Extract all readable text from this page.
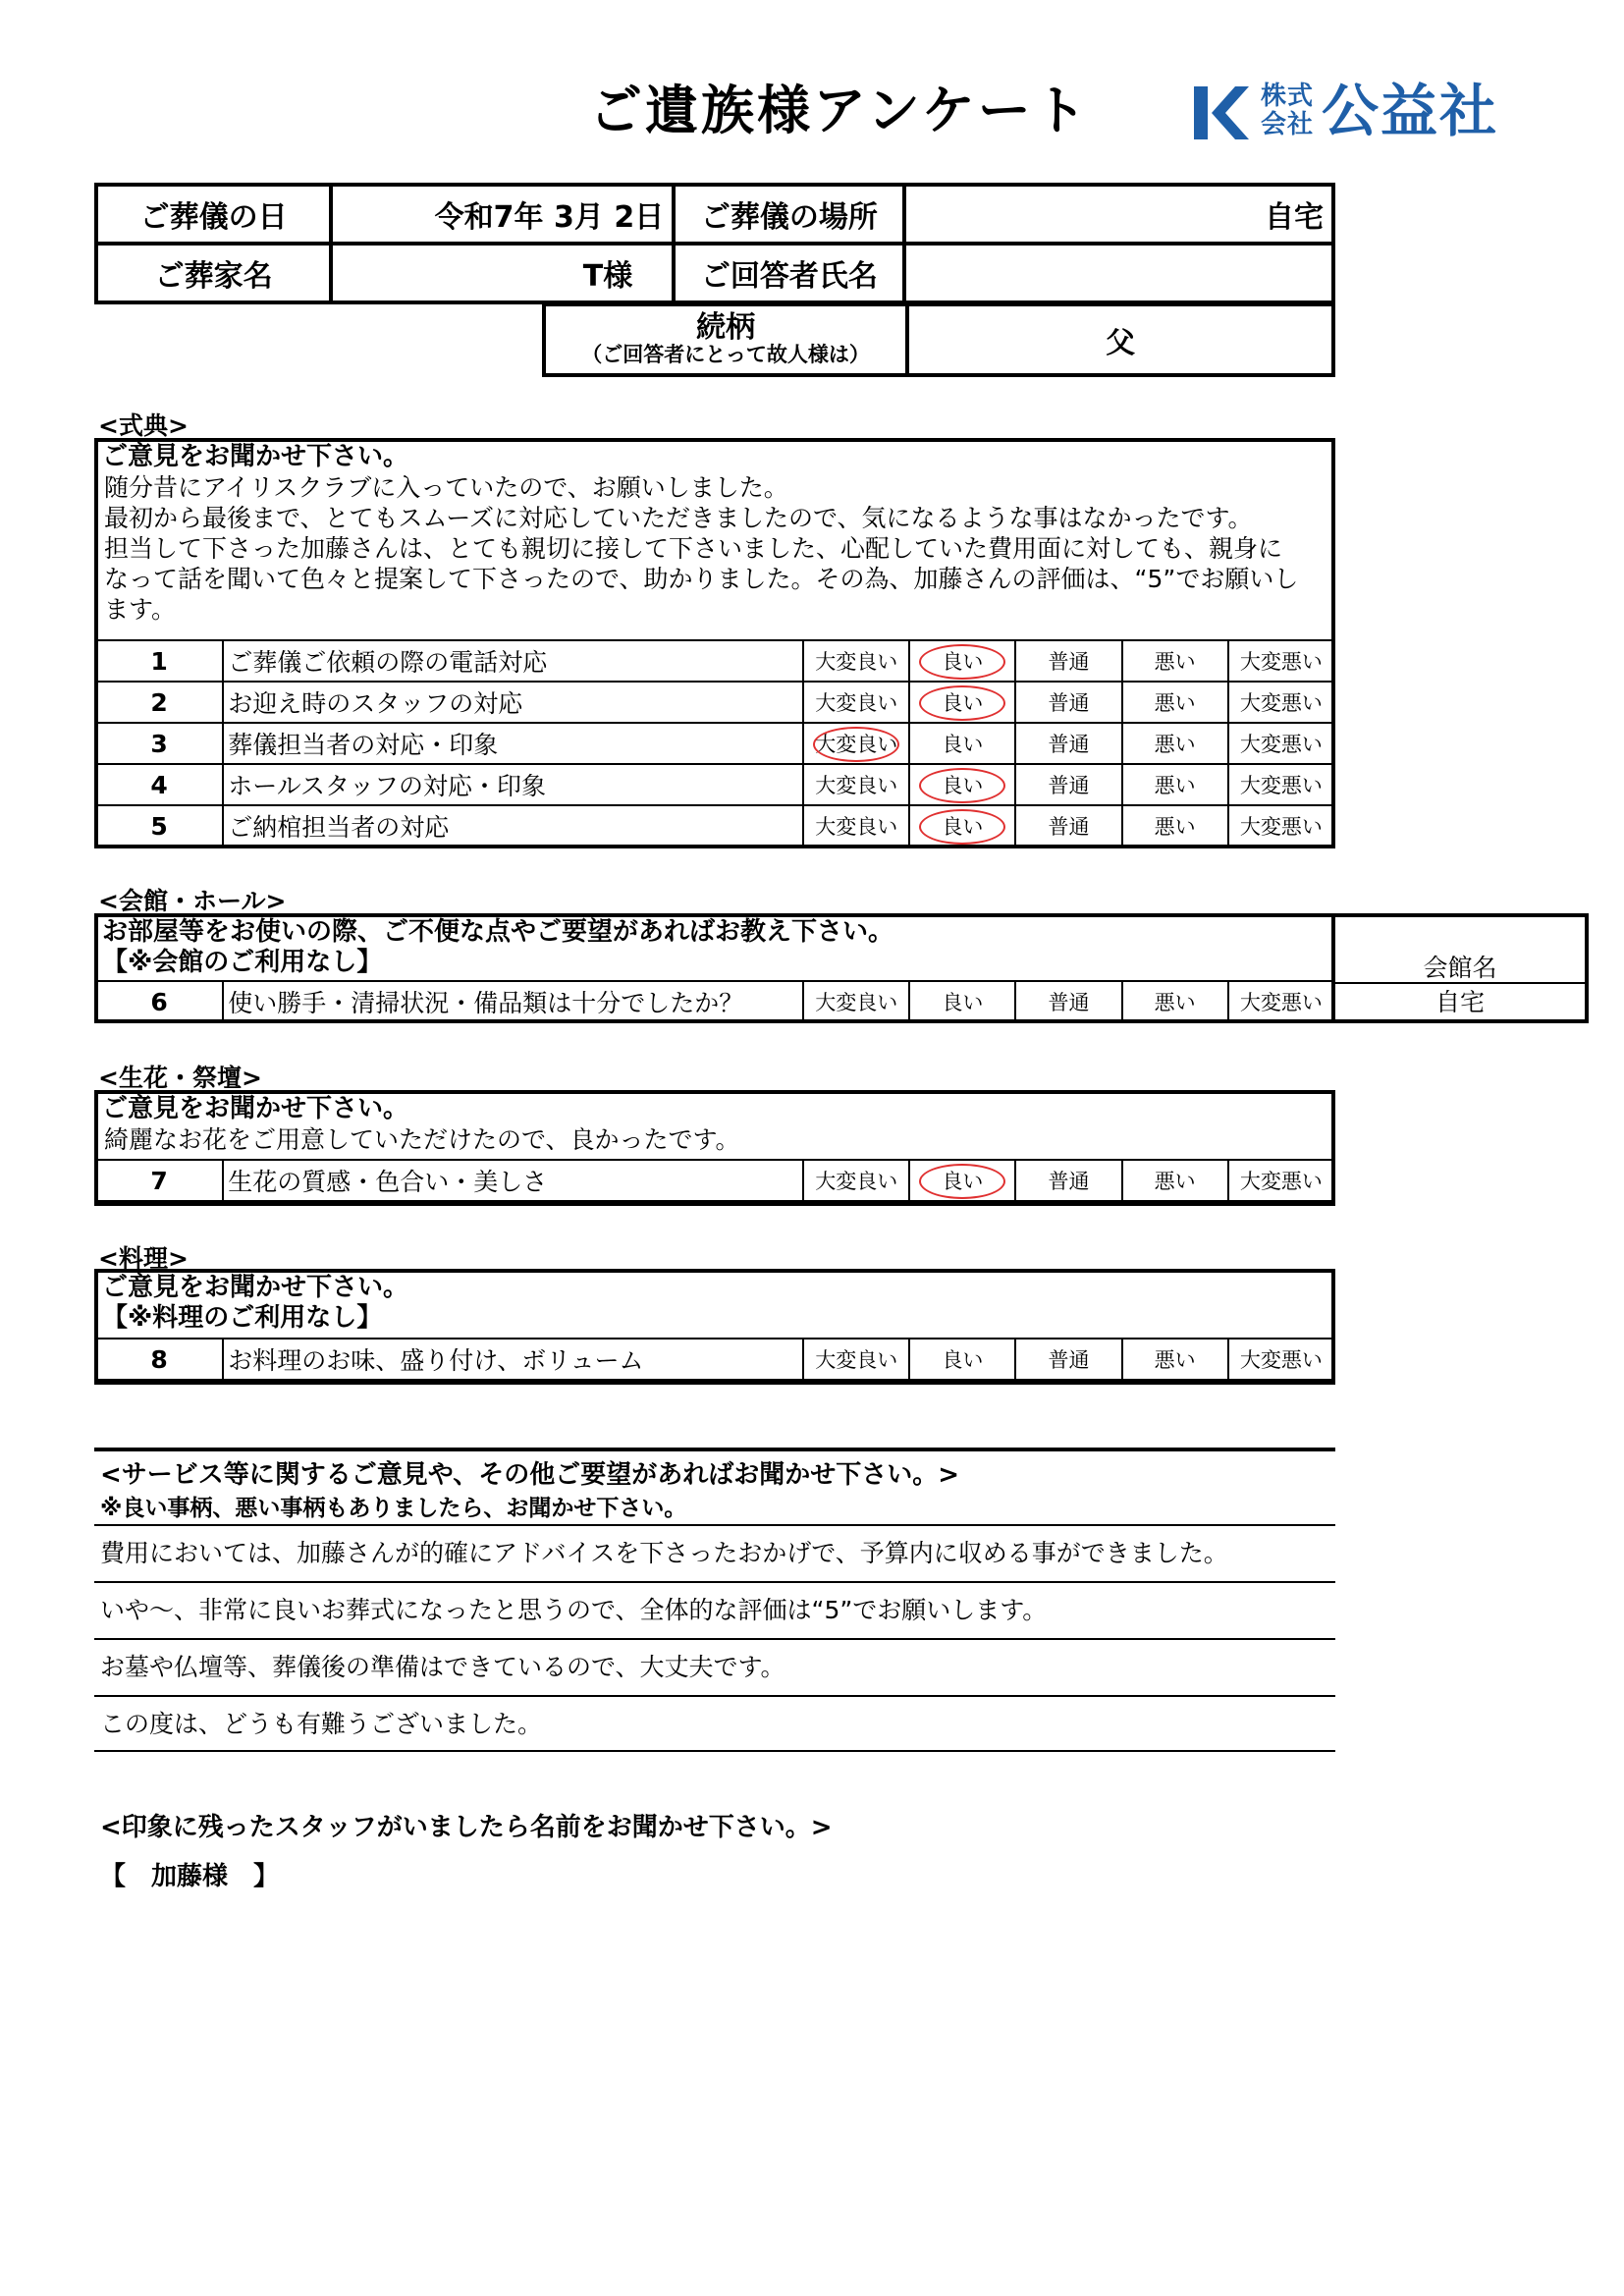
ご遺族様アンケート	株式
会社 公益社
ご葬儀の日	令和7年 3月 2日	ご葬儀の場所	自宅
ご葬家名	T様	ご回答者氏名	
続柄
（ご回答者にとって故人様は）	父
<式典>
ご意見をお聞かせ下さい。
随分昔にアイリスクラブに入っていたので、お願いしました。
最初から最後まで、とてもスムーズに対応していただきましたので、気になるような事はなかったです。
担当して下さった加藤さんは、とても親切に接して下さいました、心配していた費用面に対しても、親身に
なって話を聞いて色々と提案して下さったので、助かりました。その為、加藤さんの評価は、“5”でお願いし
ます。
1	ご葬儀ご依頼の際の電話対応	大変良い	良い	普通	悪い	大変悪い
2	お迎え時のスタッフの対応	大変良い	良い	普通	悪い	大変悪い
3	葬儀担当者の対応・印象	大変良い	良い	普通	悪い	大変悪い
4	ホールスタッフの対応・印象	大変良い	良い	普通	悪い	大変悪い
5	ご納棺担当者の対応	大変良い	良い	普通	悪い	大変悪い
<会館・ホール>
お部屋等をお使いの際、ご不便な点やご要望があればお教え下さい。
【※会館のご利用なし】	会館名
自宅
6	使い勝手・清掃状況・備品類は十分でしたか？	大変良い	良い	普通	悪い	大変悪い
<生花・祭壇>
ご意見をお聞かせ下さい。
綺麗なお花をご用意していただけたので、良かったです。
7	生花の質感・色合い・美しさ	大変良い	良い	普通	悪い	大変悪い
<料理>
ご意見をお聞かせ下さい。
【※料理のご利用なし】
8	お料理のお味、盛り付け、ボリューム	大変良い	良い	普通	悪い	大変悪い
<サービス等に関するご意見や、その他ご要望があればお聞かせ下さい。>
※良い事柄、悪い事柄もありましたら、お聞かせ下さい。
費用においては、加藤さんが的確にアドバイスを下さったおかげで、予算内に収める事ができました。
いや～、非常に良いお葬式になったと思うので、全体的な評価は“5”でお願いします。
お墓や仏壇等、葬儀後の準備はできているので、大丈夫です。
この度は、どうも有難うございました。
<印象に残ったスタッフがいましたら名前をお聞かせ下さい。>
【　加藤様　】
